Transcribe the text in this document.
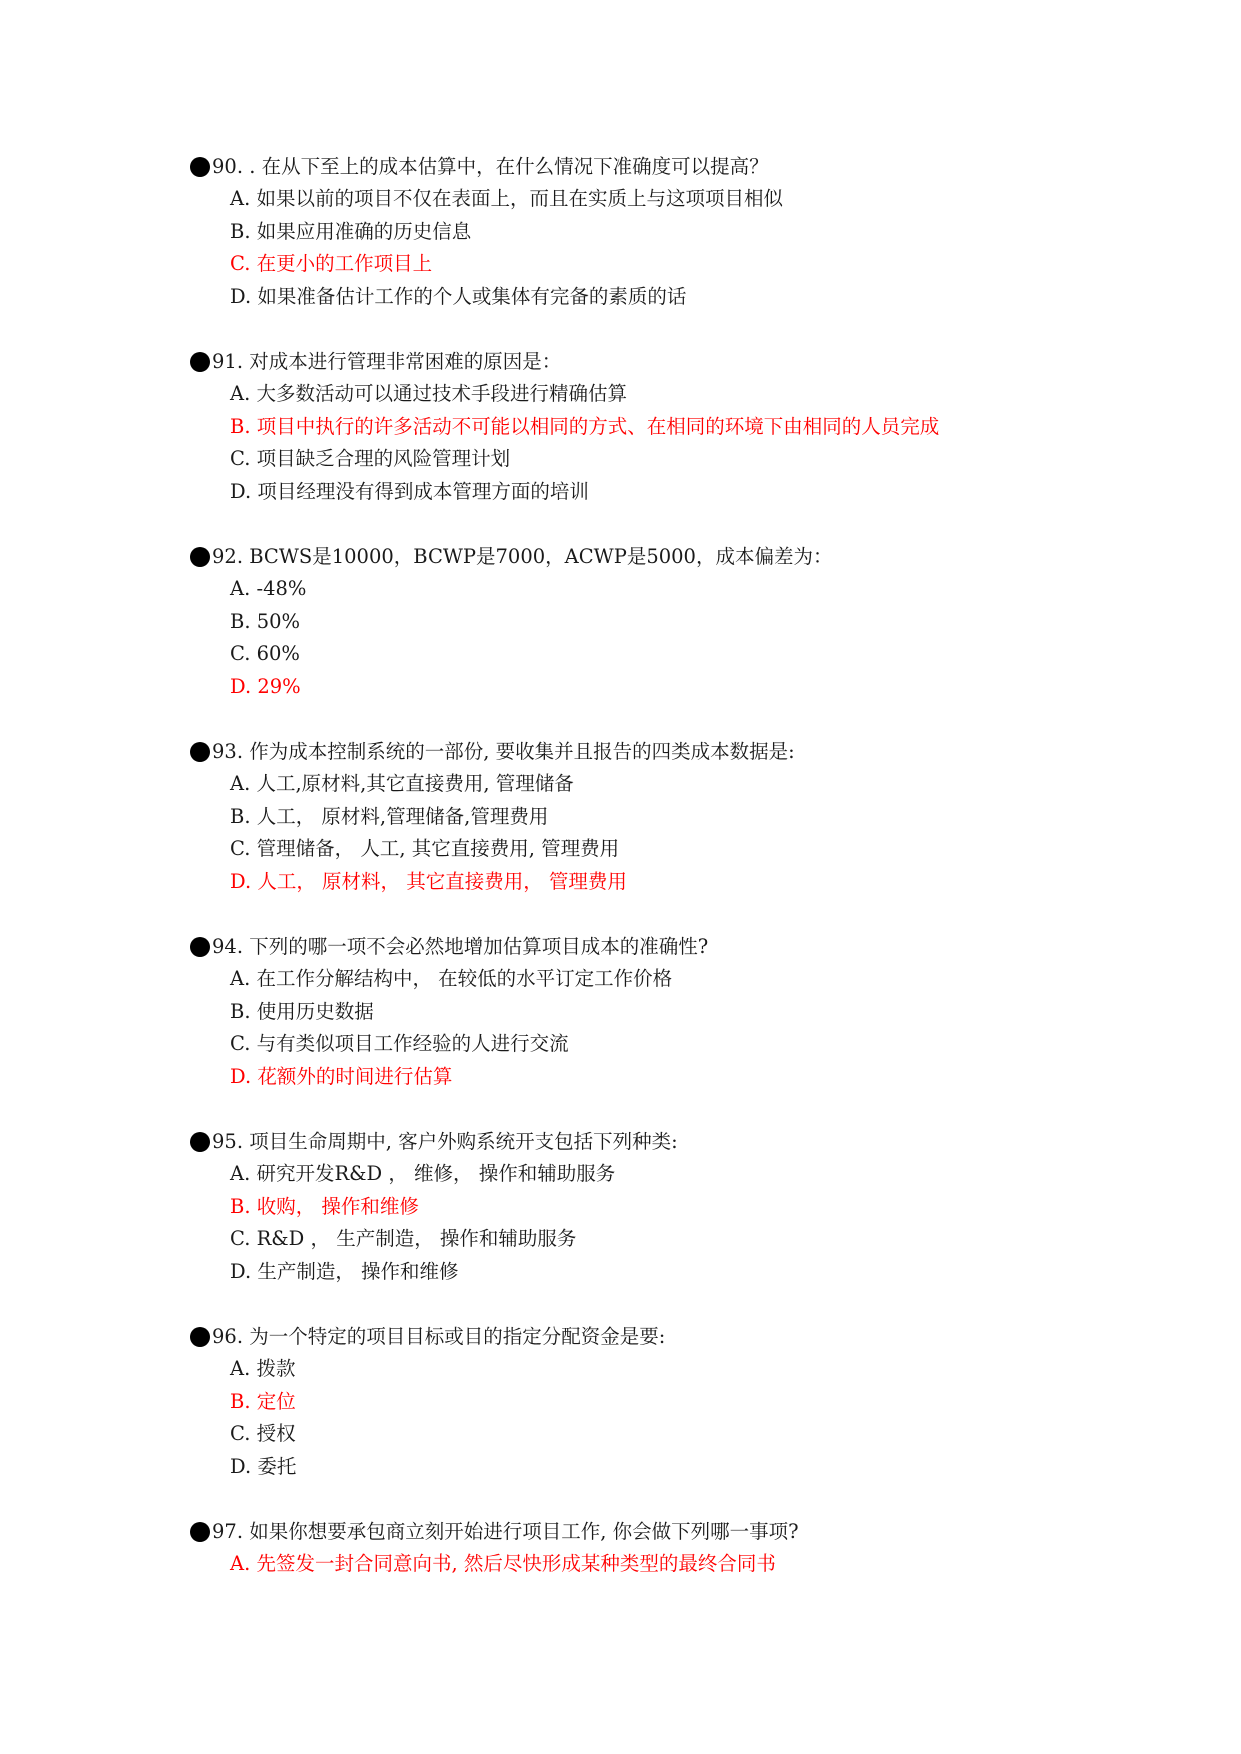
90. . 在从下至上的成本估算中，在什么情况下准确度可以提高？
A. 如果以前的项目不仅在表面上，而且在实质上与这项项目相似
B. 如果应用准确的历史信息
C. 在更小的工作项目上
D. 如果准备估计工作的个人或集体有完备的素质的话
91. 对成本进行管理非常困难的原因是：
A. 大多数活动可以通过技术手段进行精确估算
B. 项目中执行的许多活动不可能以相同的方式、在相同的环境下由相同的人员完成
C. 项目缺乏合理的风险管理计划
D. 项目经理没有得到成本管理方面的培训
92. BCWS是10000，BCWP是7000，ACWP是5000，成本偏差为：
A. -48%
B. 50%
C. 60%
D. 29%
93. 作为成本控制系统的一部份, 要收集并且报告的四类成本数据是:
A. 人工,原材料,其它直接费用, 管理储备
B. 人工， 原材料,管理储备,管理费用
C. 管理储备， 人工, 其它直接费用, 管理费用
D. 人工， 原材料， 其它直接费用， 管理费用
94. 下列的哪一项不会必然地增加估算项目成本的准确性?
A. 在工作分解结构中， 在较低的水平订定工作价格
B. 使用历史数据
C. 与有类似项目工作经验的人进行交流
D. 花额外的时间进行估算
95. 项目生命周期中, 客户外购系统开支包括下列种类:
A. 研究开发R&D ， 维修， 操作和辅助服务
B. 收购， 操作和维修
C. R&D ， 生产制造， 操作和辅助服务
D. 生产制造， 操作和维修
96. 为一个特定的项目目标或目的指定分配资金是要:
A. 拨款
B. 定位
C. 授权
D. 委托
97. 如果你想要承包商立刻开始进行项目工作, 你会做下列哪一事项?
A. 先签发一封合同意向书, 然后尽快形成某种类型的最终合同书
